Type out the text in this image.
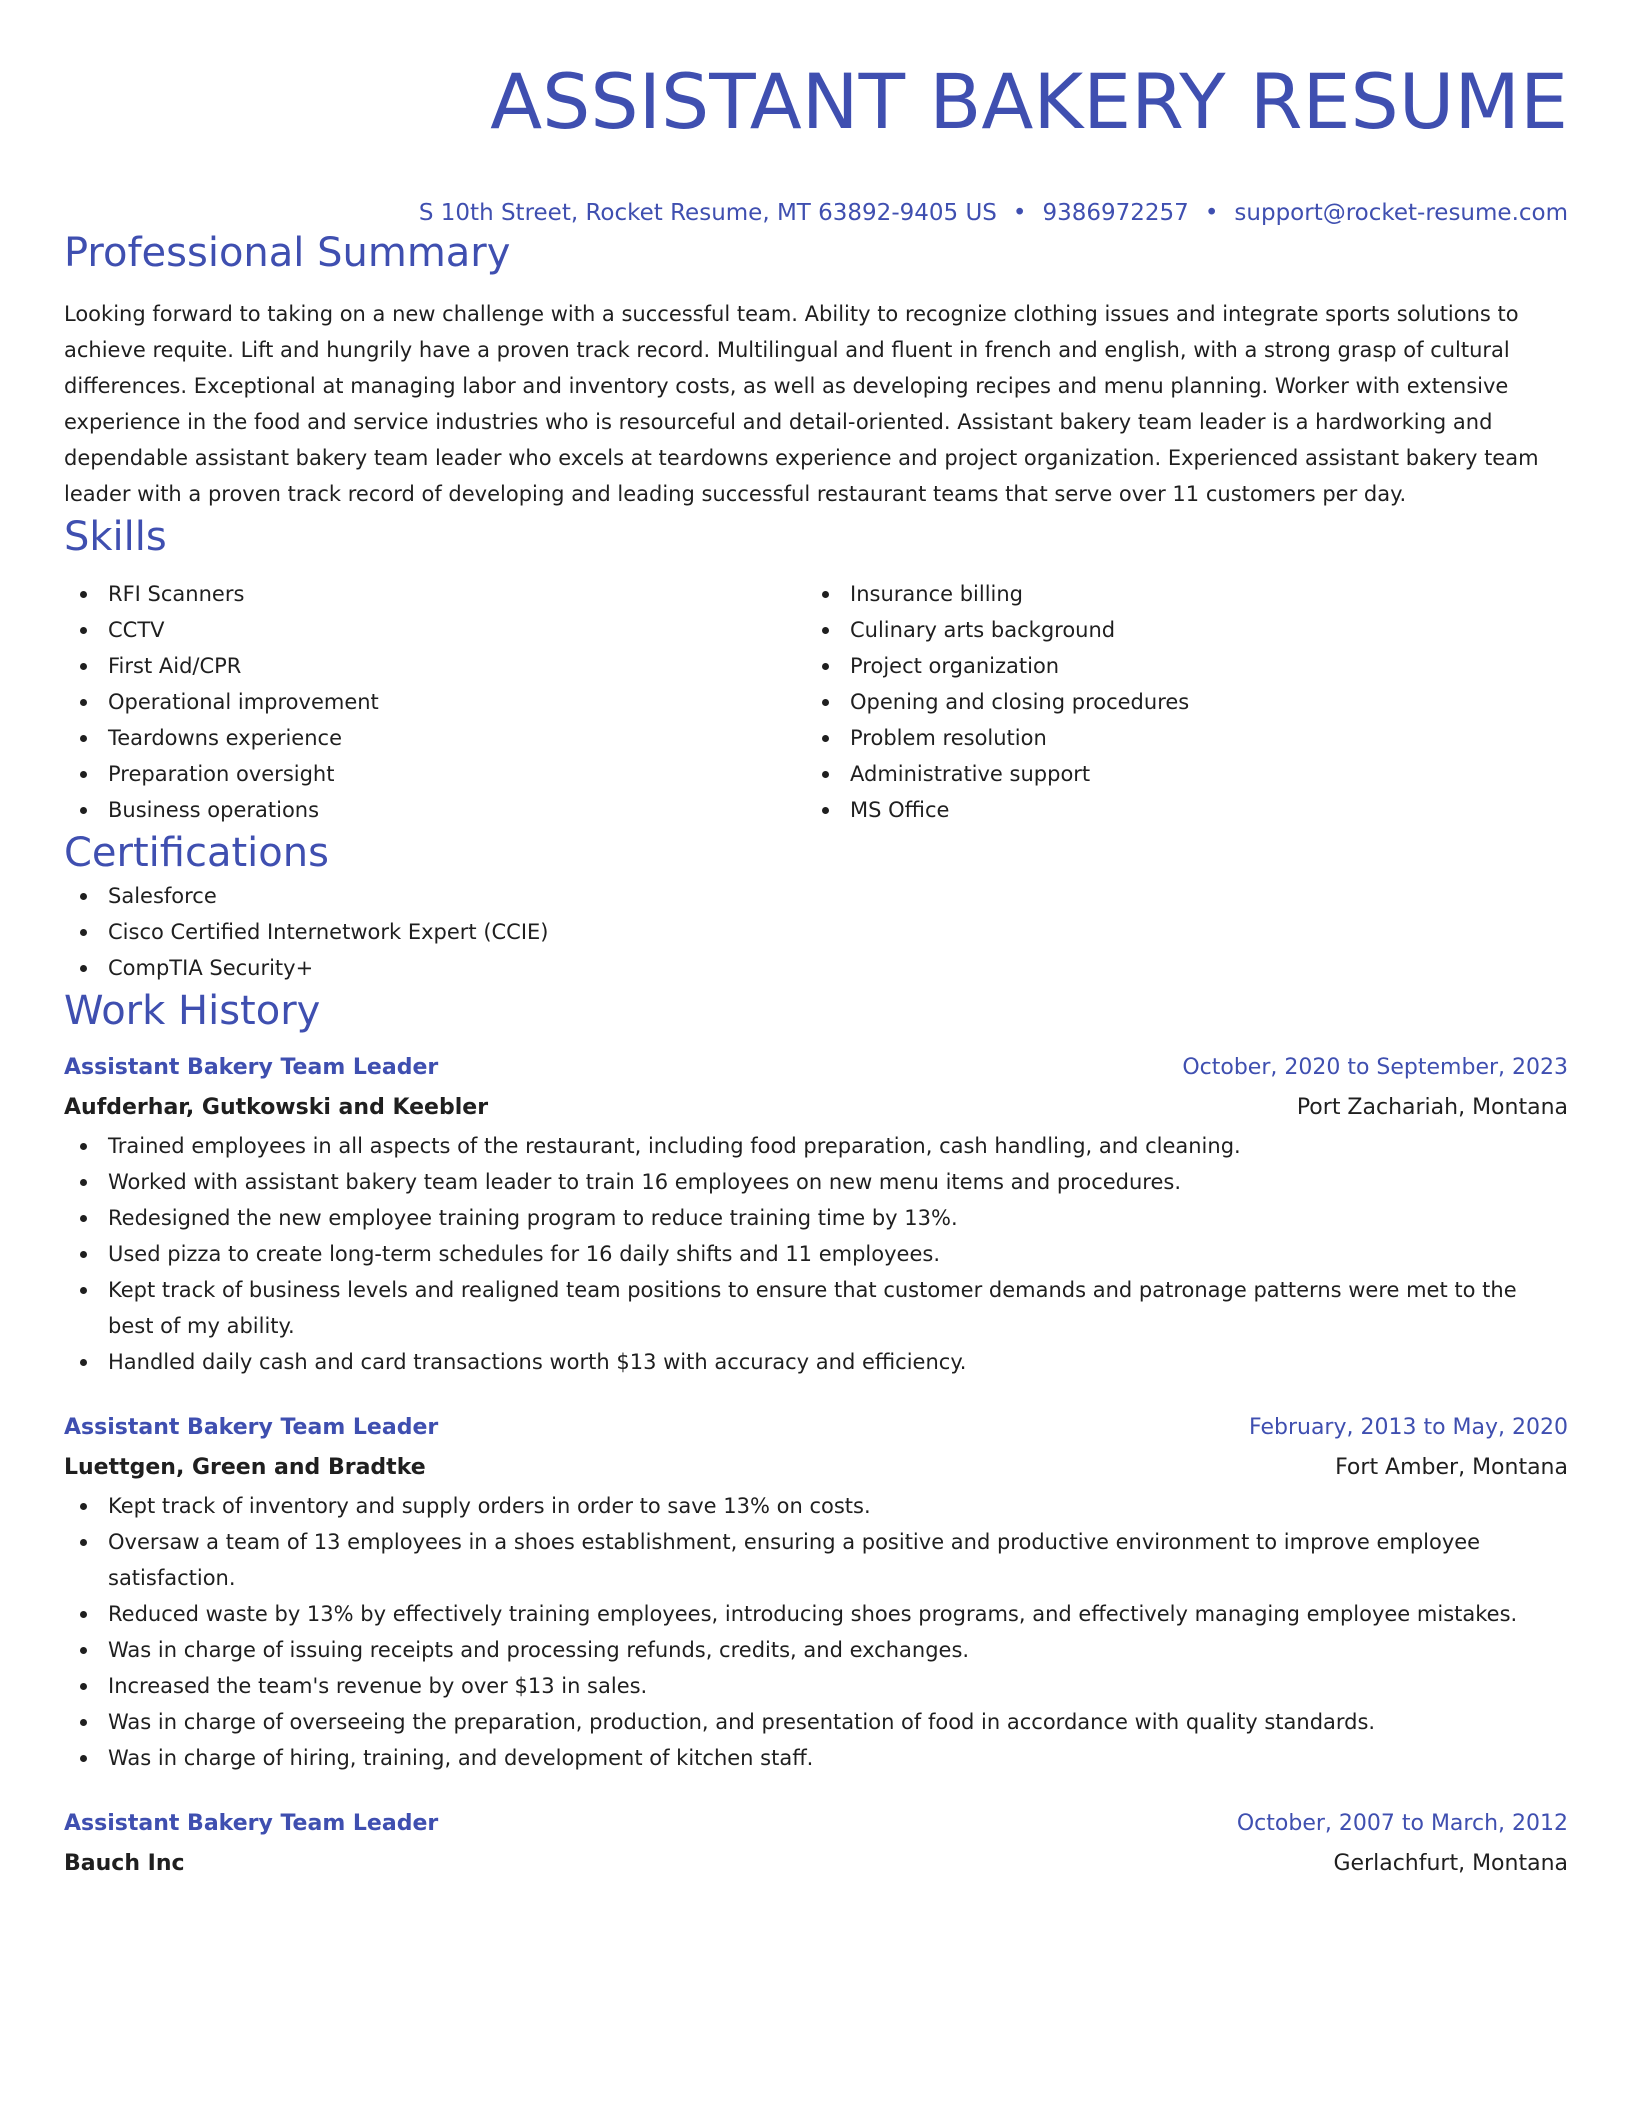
ASSISTANT BAKERY RESUME
S 10th Street, Rocket Resume, MT 63892-9405 US • 9386972257 • support@rocket-resume.com
Professional Summary

Looking forward to taking on a new challenge with a successful team. Ability to recognize clothing issues and integrate sports solutions to achieve requite. Lift and hungrily have a proven track record. Multilingual and fluent in french and english, with a strong grasp of cultural differences. Exceptional at managing labor and inventory costs, as well as developing recipes and menu planning. Worker with extensive experience in the food and service industries who is resourceful and detail-oriented. Assistant bakery team leader is a hardworking and dependable assistant bakery team leader who excels at teardowns experience and project organization. Experienced assistant bakery team leader with a proven track record of developing and leading successful restaurant teams that serve over 11 customers per day.

Skills
RFI Scanners
CCTV
First Aid/CPR
Operational improvement
Teardowns experience
Preparation oversight
Business operations
Insurance billing
Culinary arts background
Project organization
Opening and closing procedures
Problem resolution
Administrative support
MS Office
Certifications
Salesforce
Cisco Certified Internetwork Expert (CCIE)
CompTIA Security+
Work History
Assistant Bakery Team Leader	October, 2020 to September, 2023
Aufderhar, Gutkowski and Keebler	Port Zachariah, Montana
Trained employees in all aspects of the restaurant, including food preparation, cash handling, and cleaning.
Worked with assistant bakery team leader to train 16 employees on new menu items and procedures.
Redesigned the new employee training program to reduce training time by 13%.
Used pizza to create long-term schedules for 16 daily shifts and 11 employees.
Kept track of business levels and realigned team positions to ensure that customer demands and patronage patterns were met to the best of my ability.
Handled daily cash and card transactions worth $13 with accuracy and efficiency.
Assistant Bakery Team Leader	February, 2013 to May, 2020
Luettgen, Green and Bradtke	Fort Amber, Montana
Kept track of inventory and supply orders in order to save 13% on costs.
Oversaw a team of 13 employees in a shoes establishment, ensuring a positive and productive environment to improve employee satisfaction.
Reduced waste by 13% by effectively training employees, introducing shoes programs, and effectively managing employee mistakes.
Was in charge of issuing receipts and processing refunds, credits, and exchanges.
Increased the team's revenue by over $13 in sales.
Was in charge of overseeing the preparation, production, and presentation of food in accordance with quality standards.
Was in charge of hiring, training, and development of kitchen staff.
Assistant Bakery Team Leader	October, 2007 to March, 2012
Bauch Inc	Gerlachfurt, Montana
